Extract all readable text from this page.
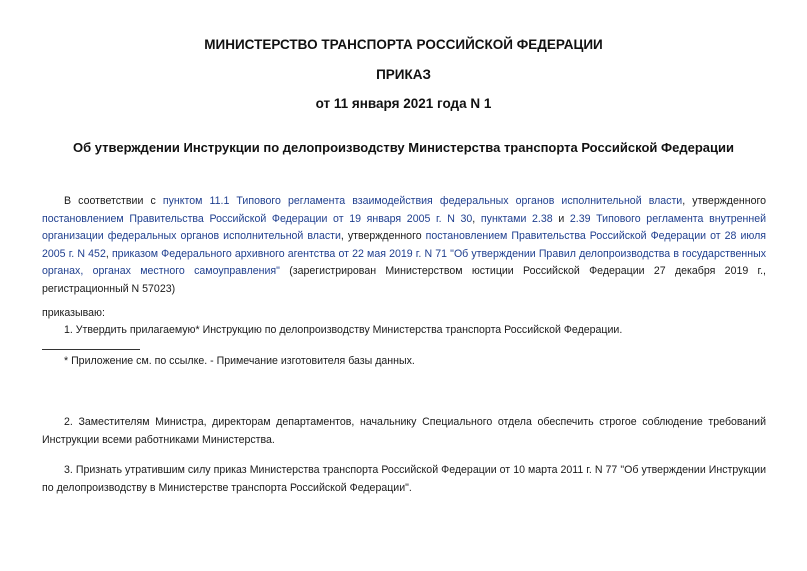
МИНИСТЕРСТВО ТРАНСПОРТА РОССИЙСКОЙ ФЕДЕРАЦИИ
ПРИКАЗ
от 11 января 2021 года N 1
Об утверждении Инструкции по делопроизводству Министерства транспорта Российской Федерации
В соответствии с пунктом 11.1 Типового регламента взаимодействия федеральных органов исполнительной власти, утвержденного постановлением Правительства Российской Федерации от 19 января 2005 г. N 30, пунктами 2.38 и 2.39 Типового регламента внутренней организации федеральных органов исполнительной власти, утвержденного постановлением Правительства Российской Федерации от 28 июля 2005 г. N 452, приказом Федерального архивного агентства от 22 мая 2019 г. N 71 "Об утверждении Правил делопроизводства в государственных органах, органах местного самоуправления" (зарегистрирован Министерством юстиции Российской Федерации 27 декабря 2019 г., регистрационный N 57023)
приказываю:
1. Утвердить прилагаемую* Инструкцию по делопроизводству Министерства транспорта Российской Федерации.
* Приложение см. по ссылке. - Примечание изготовителя базы данных.
2. Заместителям Министра, директорам департаментов, начальнику Специального отдела обеспечить строгое соблюдение требований Инструкции всеми работниками Министерства.
3. Признать утратившим силу приказ Министерства транспорта Российской Федерации от 10 марта 2011 г. N 77 "Об утверждении Инструкции по делопроизводству в Министерстве транспорта Российской Федерации".
